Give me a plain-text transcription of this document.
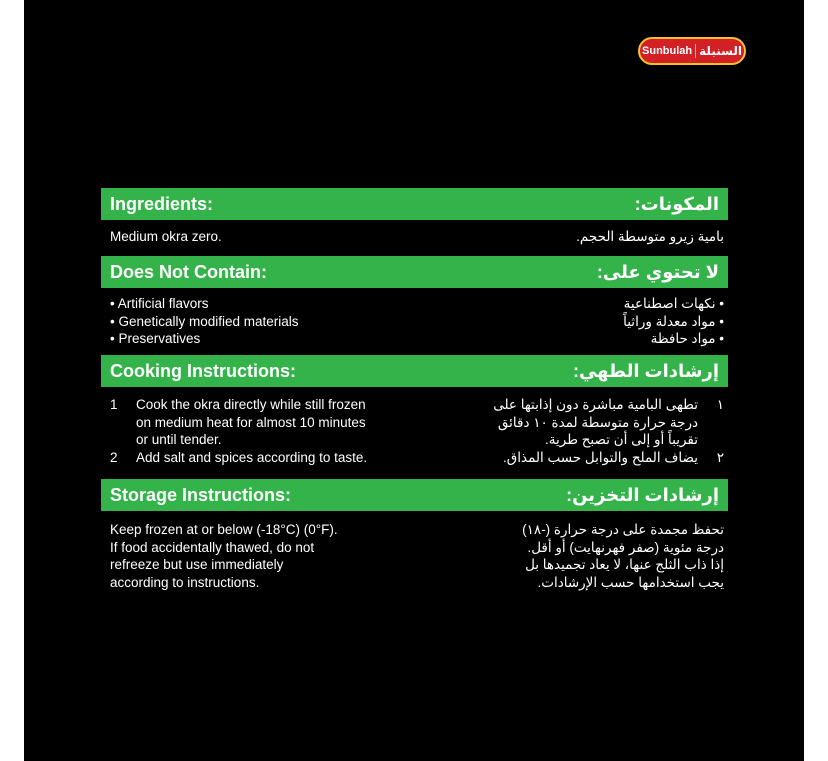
Sunbulah السنبلة
Ingredients:	المكونات:
Medium okra zero.	بامية زيرو متوسطة الحجم.
Does Not Contain:	لا تحتوي على:
• Artificial flavors
• Genetically modified materials
• Preservatives
• نكهات اصطناعية
• مواد معدلة وراثياً
• مواد حافظة
Cooking Instructions:	إرشادات الطهي:
1	Cook the okra directly while still frozen
on medium heat for almost 10 minutes
or until tender.
2	Add salt and spices according to taste.
١
تطهى البامية مباشرة دون إذابتها على
درجة حرارة متوسطة لمدة ١٠ دقائق
تقريباً أو إلى أن تصبح طرية.
٢
يضاف الملح والتوابل حسب المذاق.
Storage Instructions:	إرشادات التخزين:
Keep frozen at or below (-18°C) (0°F).
If food accidentally thawed, do not
refreeze but use immediately
according to instructions.
تحفظ مجمدة على درجة حرارة (-١٨)
درجة مئوية (صفر فهرنهايت) أو أقل.
إذا ذاب الثلج عنها، لا يعاد تجميدها بل
يجب استخدامها حسب الإرشادات.
